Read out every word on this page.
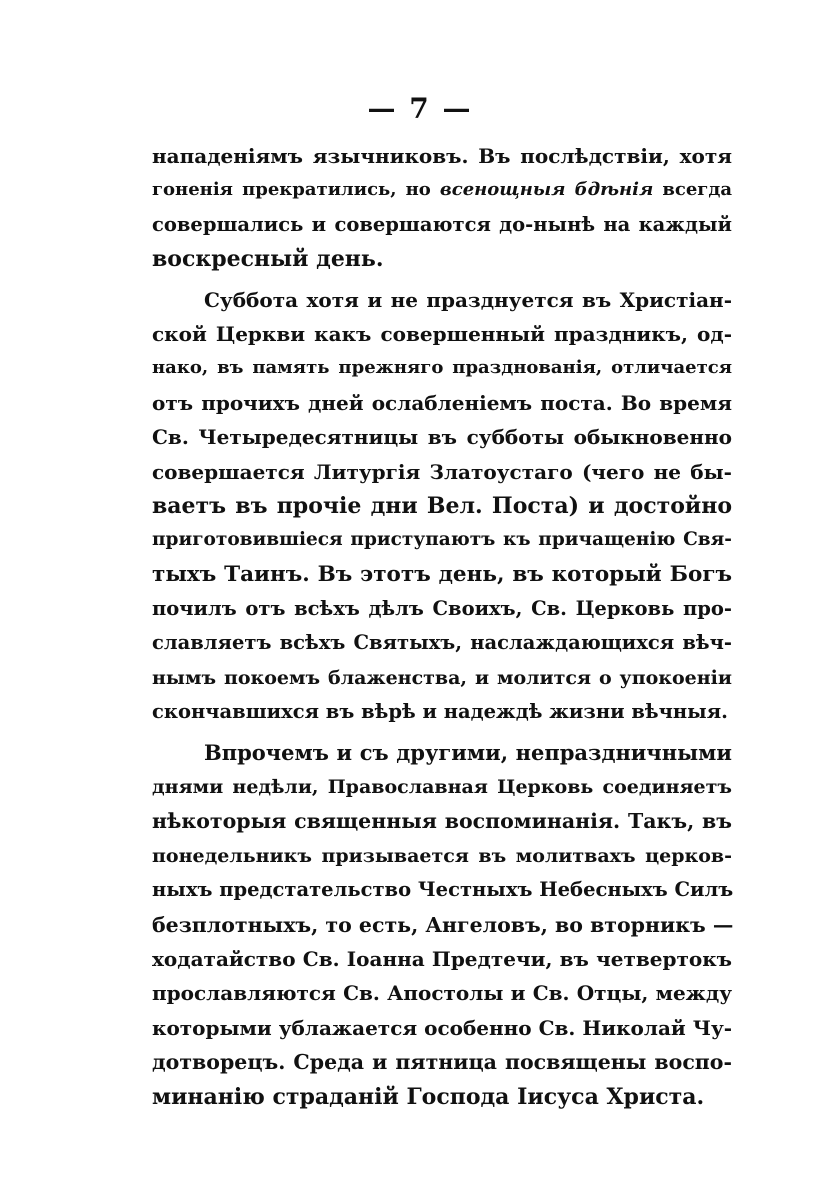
— 7 —
нападеніямъ язычниковъ. Въ послѣдствіи, хотя
гоненія прекратились, но всенощныя бдѣнія всегда
совершались и совершаются до-нынѣ на каждый
воскресный день.
Суббота хотя и не празднуется въ Христіан-
ской Церкви какъ совершенный праздникъ, од-
нако, въ память прежняго празднованія, отличается
отъ прочихъ дней ослабленіемъ поста. Во время
Св. Четыредесятницы въ субботы обыкновенно
совершается Литургія Златоустаго (чего не бы-
ваетъ въ прочіе дни Вел. Поста) и достойно
приготовившіеся приступаютъ къ причащенію Свя-
тыхъ Таинъ. Въ этотъ день, въ который Богъ
почилъ отъ всѣхъ дѣлъ Своихъ, Св. Церковь про-
славляетъ всѣхъ Святыхъ, наслаждающихся вѣч-
нымъ покоемъ блаженства, и молится о упокоеніи
скончавшихся въ вѣрѣ и надеждѣ жизни вѣчныя.
Впрочемъ и съ другими, непраздничными
днями недѣли, Православная Церковь соединяетъ
нѣкоторыя священныя воспоминанія. Такъ, въ
понедельникъ призывается въ молитвахъ церков-
ныхъ предстательство Честныхъ Небесныхъ Силъ
безплотныхъ, то есть, Ангеловъ, во вторникъ —
ходатайство Св. Іоанна Предтечи, въ четвертокъ
прославляются Св. Апостолы и Св. Отцы, между
которыми ублажается особенно Св. Николай Чу-
дотворецъ. Среда и пятница посвящены воспо-
минанію страданій Господа Іисуса Христа.
